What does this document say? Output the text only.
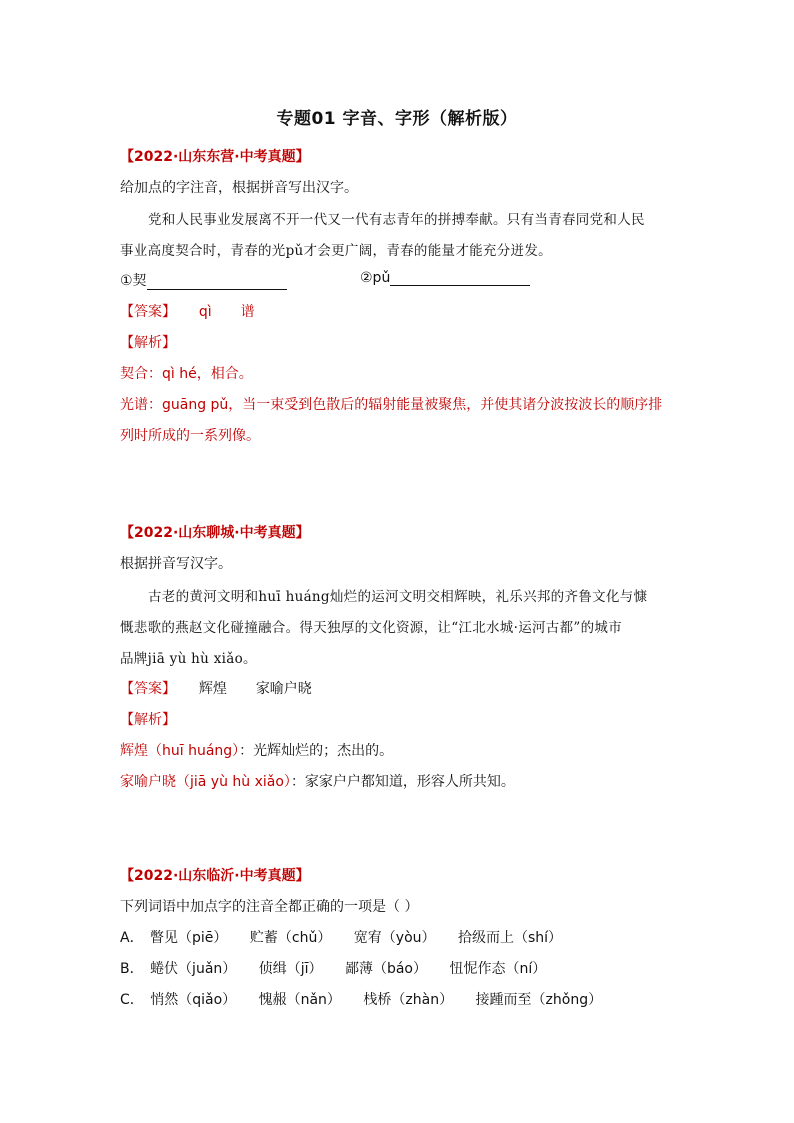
专题01 字音、字形（解析版）
【2022·山东东营·中考真题】
给加点的字注音，根据拼音写出汉字。
党和人民事业发展离不开一代又一代有志青年的拼搏奉献。只有当青春同党和人民
事业高度契合时，青春的光pǔ才会更广阔，青春的能量才能充分迸发。
①契	②pǔ
【答案】 qì 谱
【解析】
契合：qì hé，相合。
光谱：guāng pǔ，当一束受到色散后的辐射能量被聚焦，并使其诸分波按波长的顺序排
列时所成的一系列像。
【2022·山东聊城·中考真题】
根据拼音写汉字。
古老的黄河文明和huī huáng灿烂的运河文明交相辉映，礼乐兴邦的齐鲁文化与慷
慨悲歌的燕赵文化碰撞融合。得天独厚的文化资源，让“江北水城·运河古都”的城市
品牌jiā yù hù xiǎo。
【答案】 辉煌 家喻户晓
【解析】
辉煌（huī huáng）：光辉灿烂的；杰出的。
家喻户晓（jiā yù hù xiǎo）：家家户户都知道，形容人所共知。
【2022·山东临沂·中考真题】
下列词语中加点字的注音全都正确的一项是（ ）
A． 瞥见（piē） 贮蓄（chǔ） 宽宥（yòu） 拾级而上（shí）
B． 蜷伏（juǎn） 侦缉（jī） 鄙薄（báo） 忸怩作态（ní）
C． 悄然（qiǎo） 愧赧（nǎn） 栈桥（zhàn） 接踵而至（zhǒng）
